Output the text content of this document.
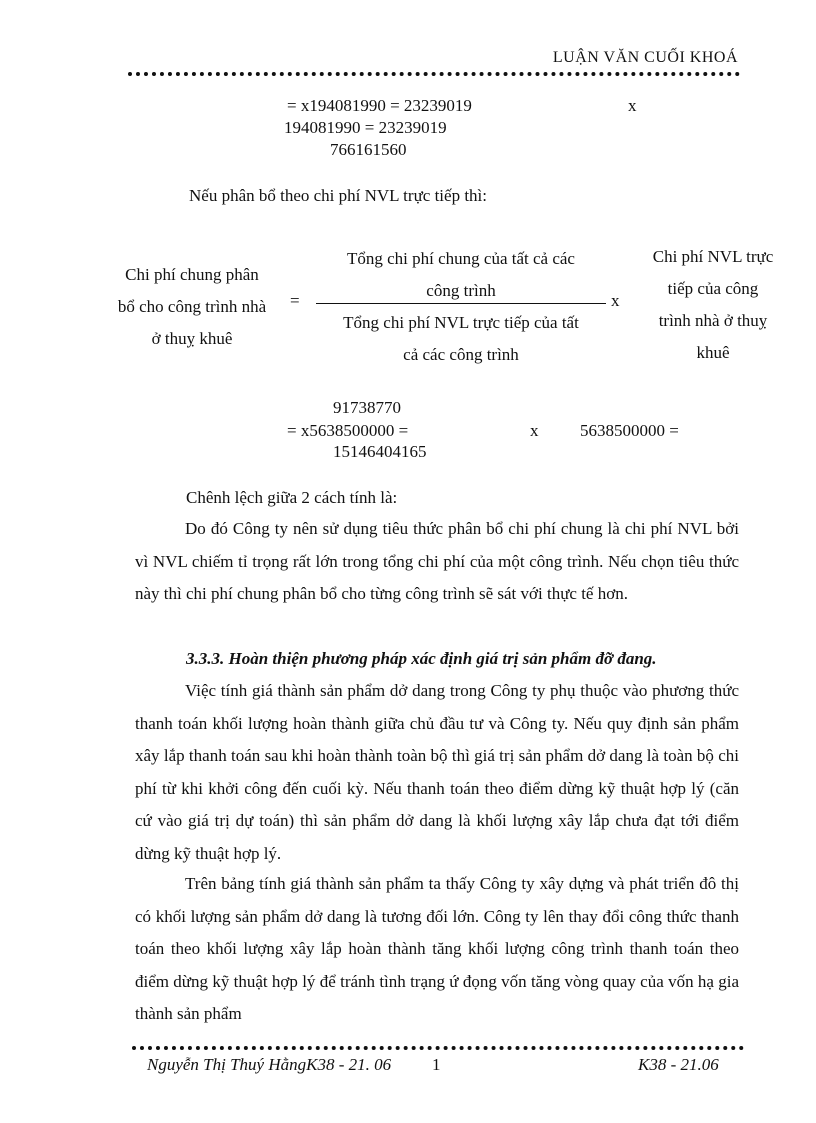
LUẬN VĂN CUỐI KHOÁ
= x194081990 = 23239019	x
194081990 = 23239019
766161560
Nếu phân bổ theo chi phí NVL trực tiếp thì:
Chi phí chung phân
bổ cho công trình nhà
ở thuỵ khuê
=
Tổng chi phí chung của tất cả các
công trình
Tổng chi phí NVL trực tiếp của tất
cả các công trình
x
Chi phí NVL trực
tiếp của công
trình nhà ở thuỵ
khuê
91738770
= x5638500000 =	x 5638500000 =
15146404165
Chênh lệch giữa 2 cách tính là:
Do đó Công ty nên sử dụng tiêu thức phân bổ chi phí chung là chi phí NVL bởi vì NVL chiếm tỉ trọng rất lớn trong tổng chi phí của một công trình. Nếu chọn tiêu thức này thì chi phí chung phân bổ cho từng công trình sẽ sát với thực tế hơn.
3.3.3. Hoàn thiện phương pháp xác định giá trị sản phẩm đỡ đang.
Việc tính giá thành sản phẩm dở dang trong Công ty phụ thuộc vào phương thức thanh toán khối lượng hoàn thành giữa chủ đầu tư và Công ty. Nếu quy định sản phẩm xây lắp thanh toán sau khi hoàn thành toàn bộ thì giá trị sản phẩm dở dang là toàn bộ chi phí từ khi khởi công đến cuối kỳ. Nếu thanh toán theo điểm dừng kỹ thuật hợp lý (căn cứ vào giá trị dự toán) thì sản phẩm dở dang là khối lượng xây lắp chưa đạt tới điểm dừng kỹ thuật hợp lý.
Trên bảng tính giá thành sản phẩm ta thấy Công ty xây dựng và phát triển đô thị có khối lượng sản phẩm dở dang là tương đối lớn. Công ty lên thay đổi công thức thanh toán theo khối lượng xây lắp hoàn thành tăng khối lượng công trình thanh toán theo điểm dừng kỹ thuật hợp lý để tránh tình trạng ứ đọng vốn tăng vòng quay của vốn hạ gia thành sản phẩm
Nguyễn Thị Thuý HằngK38 - 21. 06 1	K38 - 21.06
